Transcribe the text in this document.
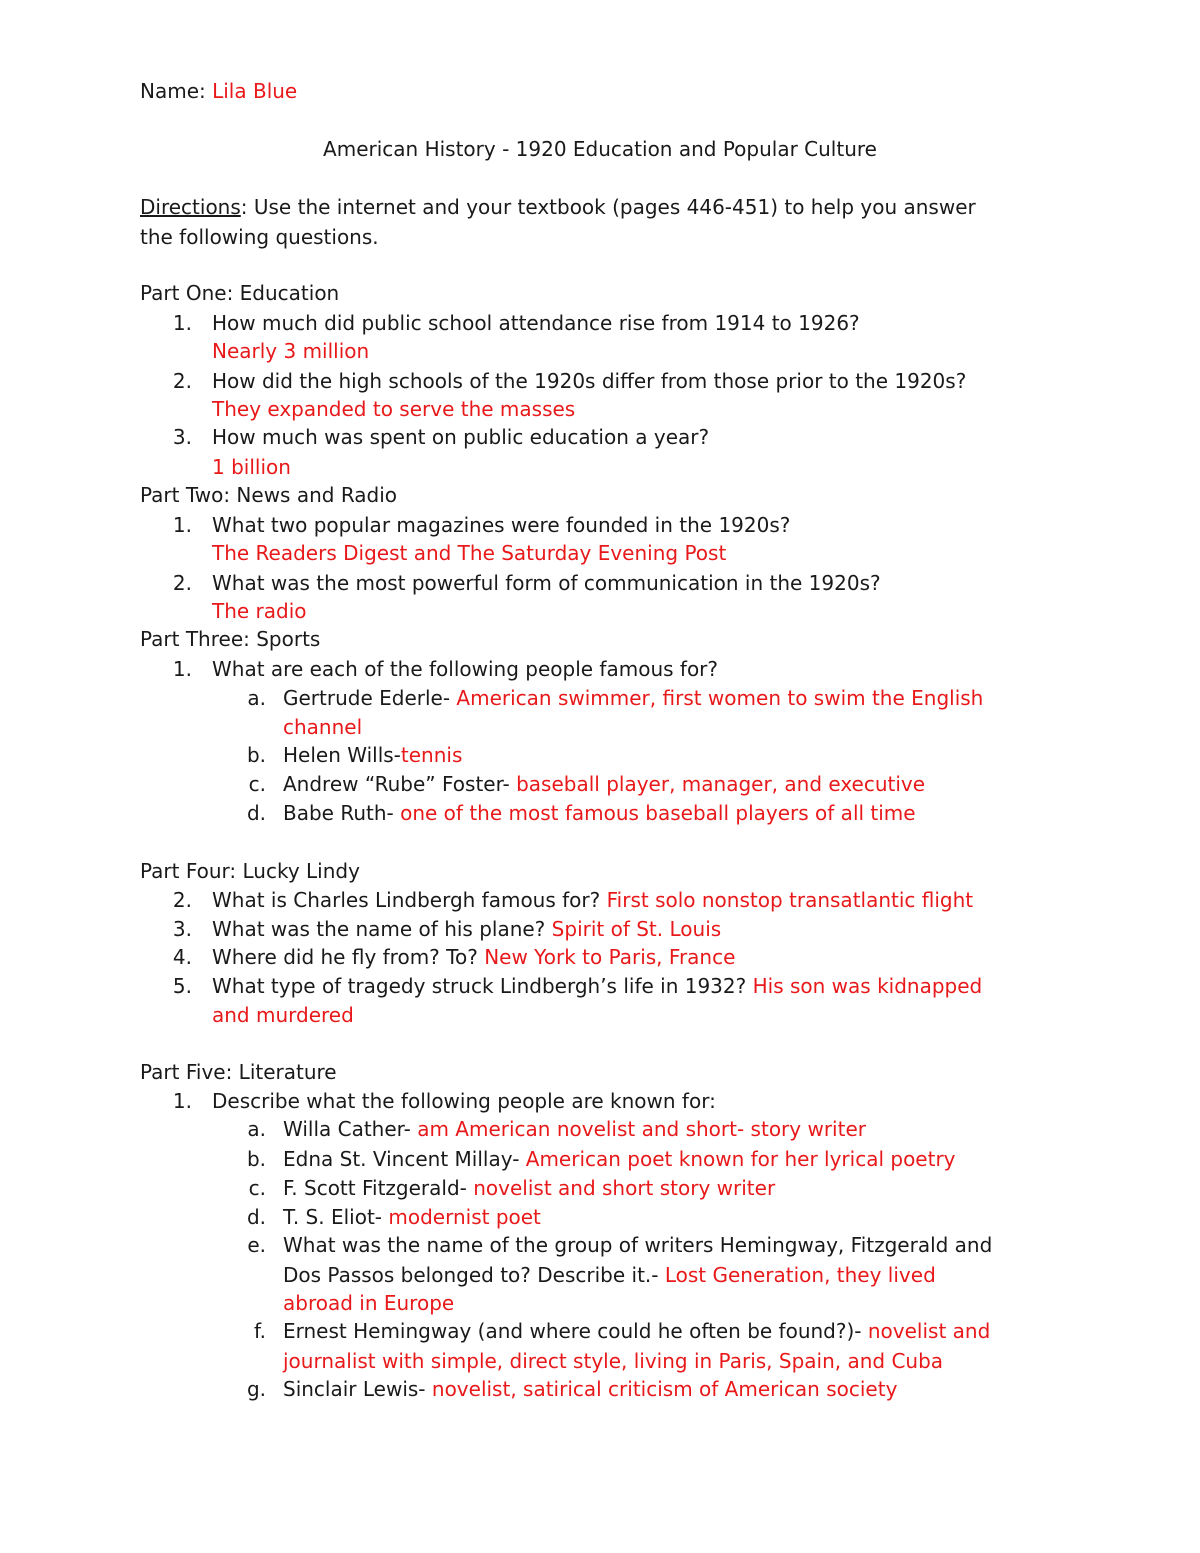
Name: Lila Blue
American History - 1920 Education and Popular Culture
Directions: Use the internet and your textbook (pages 446-451) to help you answer
the following questions.
Part One: Education
1. How much did public school attendance rise from 1914 to 1926?
Nearly 3 million
2. How did the high schools of the 1920s differ from those prior to the 1920s?
They expanded to serve the masses
3. How much was spent on public education a year?
1 billion
Part Two: News and Radio
1. What two popular magazines were founded in the 1920s?
The Readers Digest and The Saturday Evening Post
2. What was the most powerful form of communication in the 1920s?
The radio
Part Three: Sports
1. What are each of the following people famous for?
a. Gertrude Ederle- American swimmer, first women to swim the English
channel
b. Helen Wills-tennis
c. Andrew “Rube” Foster- baseball player, manager, and executive
d. Babe Ruth- one of the most famous baseball players of all time
Part Four: Lucky Lindy
2. What is Charles Lindbergh famous for? First solo nonstop transatlantic flight
3. What was the name of his plane? Spirit of St. Louis
4. Where did he fly from? To? New York to Paris, France
5. What type of tragedy struck Lindbergh’s life in 1932? His son was kidnapped
and murdered
Part Five: Literature
1. Describe what the following people are known for:
a. Willa Cather- am American novelist and short- story writer
b. Edna St. Vincent Millay- American poet known for her lyrical poetry
c. F. Scott Fitzgerald- novelist and short story writer
d. T. S. Eliot- modernist poet
e. What was the name of the group of writers Hemingway, Fitzgerald and
Dos Passos belonged to? Describe it.- Lost Generation, they lived
abroad in Europe
f. Ernest Hemingway (and where could he often be found?)- novelist and
journalist with simple, direct style, living in Paris, Spain, and Cuba
g. Sinclair Lewis- novelist, satirical criticism of American society
